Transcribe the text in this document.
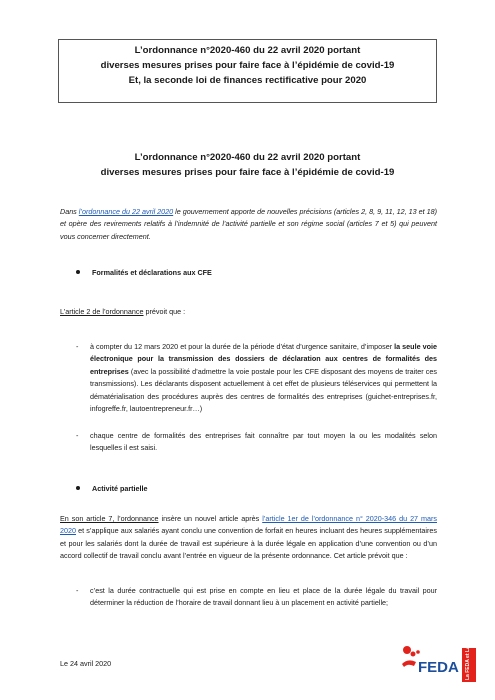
L’ordonnance n°2020-460 du 22 avril 2020 portant
diverses mesures prises pour faire face à l’épidémie de covid-19
Et, la seconde loi de finances rectificative pour 2020
L’ordonnance n°2020-460 du 22 avril 2020 portant
diverses mesures prises pour faire face à l’épidémie de covid-19
Dans l’ordonnance du 22 avril 2020 le gouvernement apporte de nouvelles précisions (articles 2, 8, 9, 11, 12, 13 et 18) et opère des revirements relatifs à l’indemnité de l’activité partielle et son régime social (articles 7 et 5) qui peuvent vous concerner directement.
Formalités et déclarations aux CFE
L’article 2 de l’ordonnance prévoit que :
- à compter du 12 mars 2020 et pour la durée de la période d’état d’urgence sanitaire, d’imposer la seule voie électronique pour la transmission des dossiers de déclaration aux centres de formalités des entreprises (avec la possibilité d’admettre la voie postale pour les CFE disposant des moyens de traiter ces transmissions). Les déclarants disposent actuellement à cet effet de plusieurs téléservices qui permettent la dématérialisation des procédures auprès des centres de formalités des entreprises (guichet-entreprises.fr, infogreffe.fr, lautoentrepreneur.fr…)
- chaque centre de formalités des entreprises fait connaître par tout moyen la ou les modalités selon lesquelles il est saisi.
Activité partielle
En son article 7, l’ordonnance insère un nouvel article après l’article 1er de l’ordonnance n° 2020-346 du 27 mars 2020 et s’applique aux salariés ayant conclu une convention de forfait en heures incluant des heures supplémentaires et pour les salariés dont la durée de travail est supérieure à la durée légale en application d’une convention ou d’un accord collectif de travail conclu avant l’entrée en vigueur de la présente ordonnance. Cet article prévoit que :
- c’est la durée contractuelle qui est prise en compte en lieu et place de la durée légale du travail pour déterminer la réduction de l’horaire de travail donnant lieu à un placement en activité partielle;
Le 24 avril 2020	FEDA La FEDA et LA
